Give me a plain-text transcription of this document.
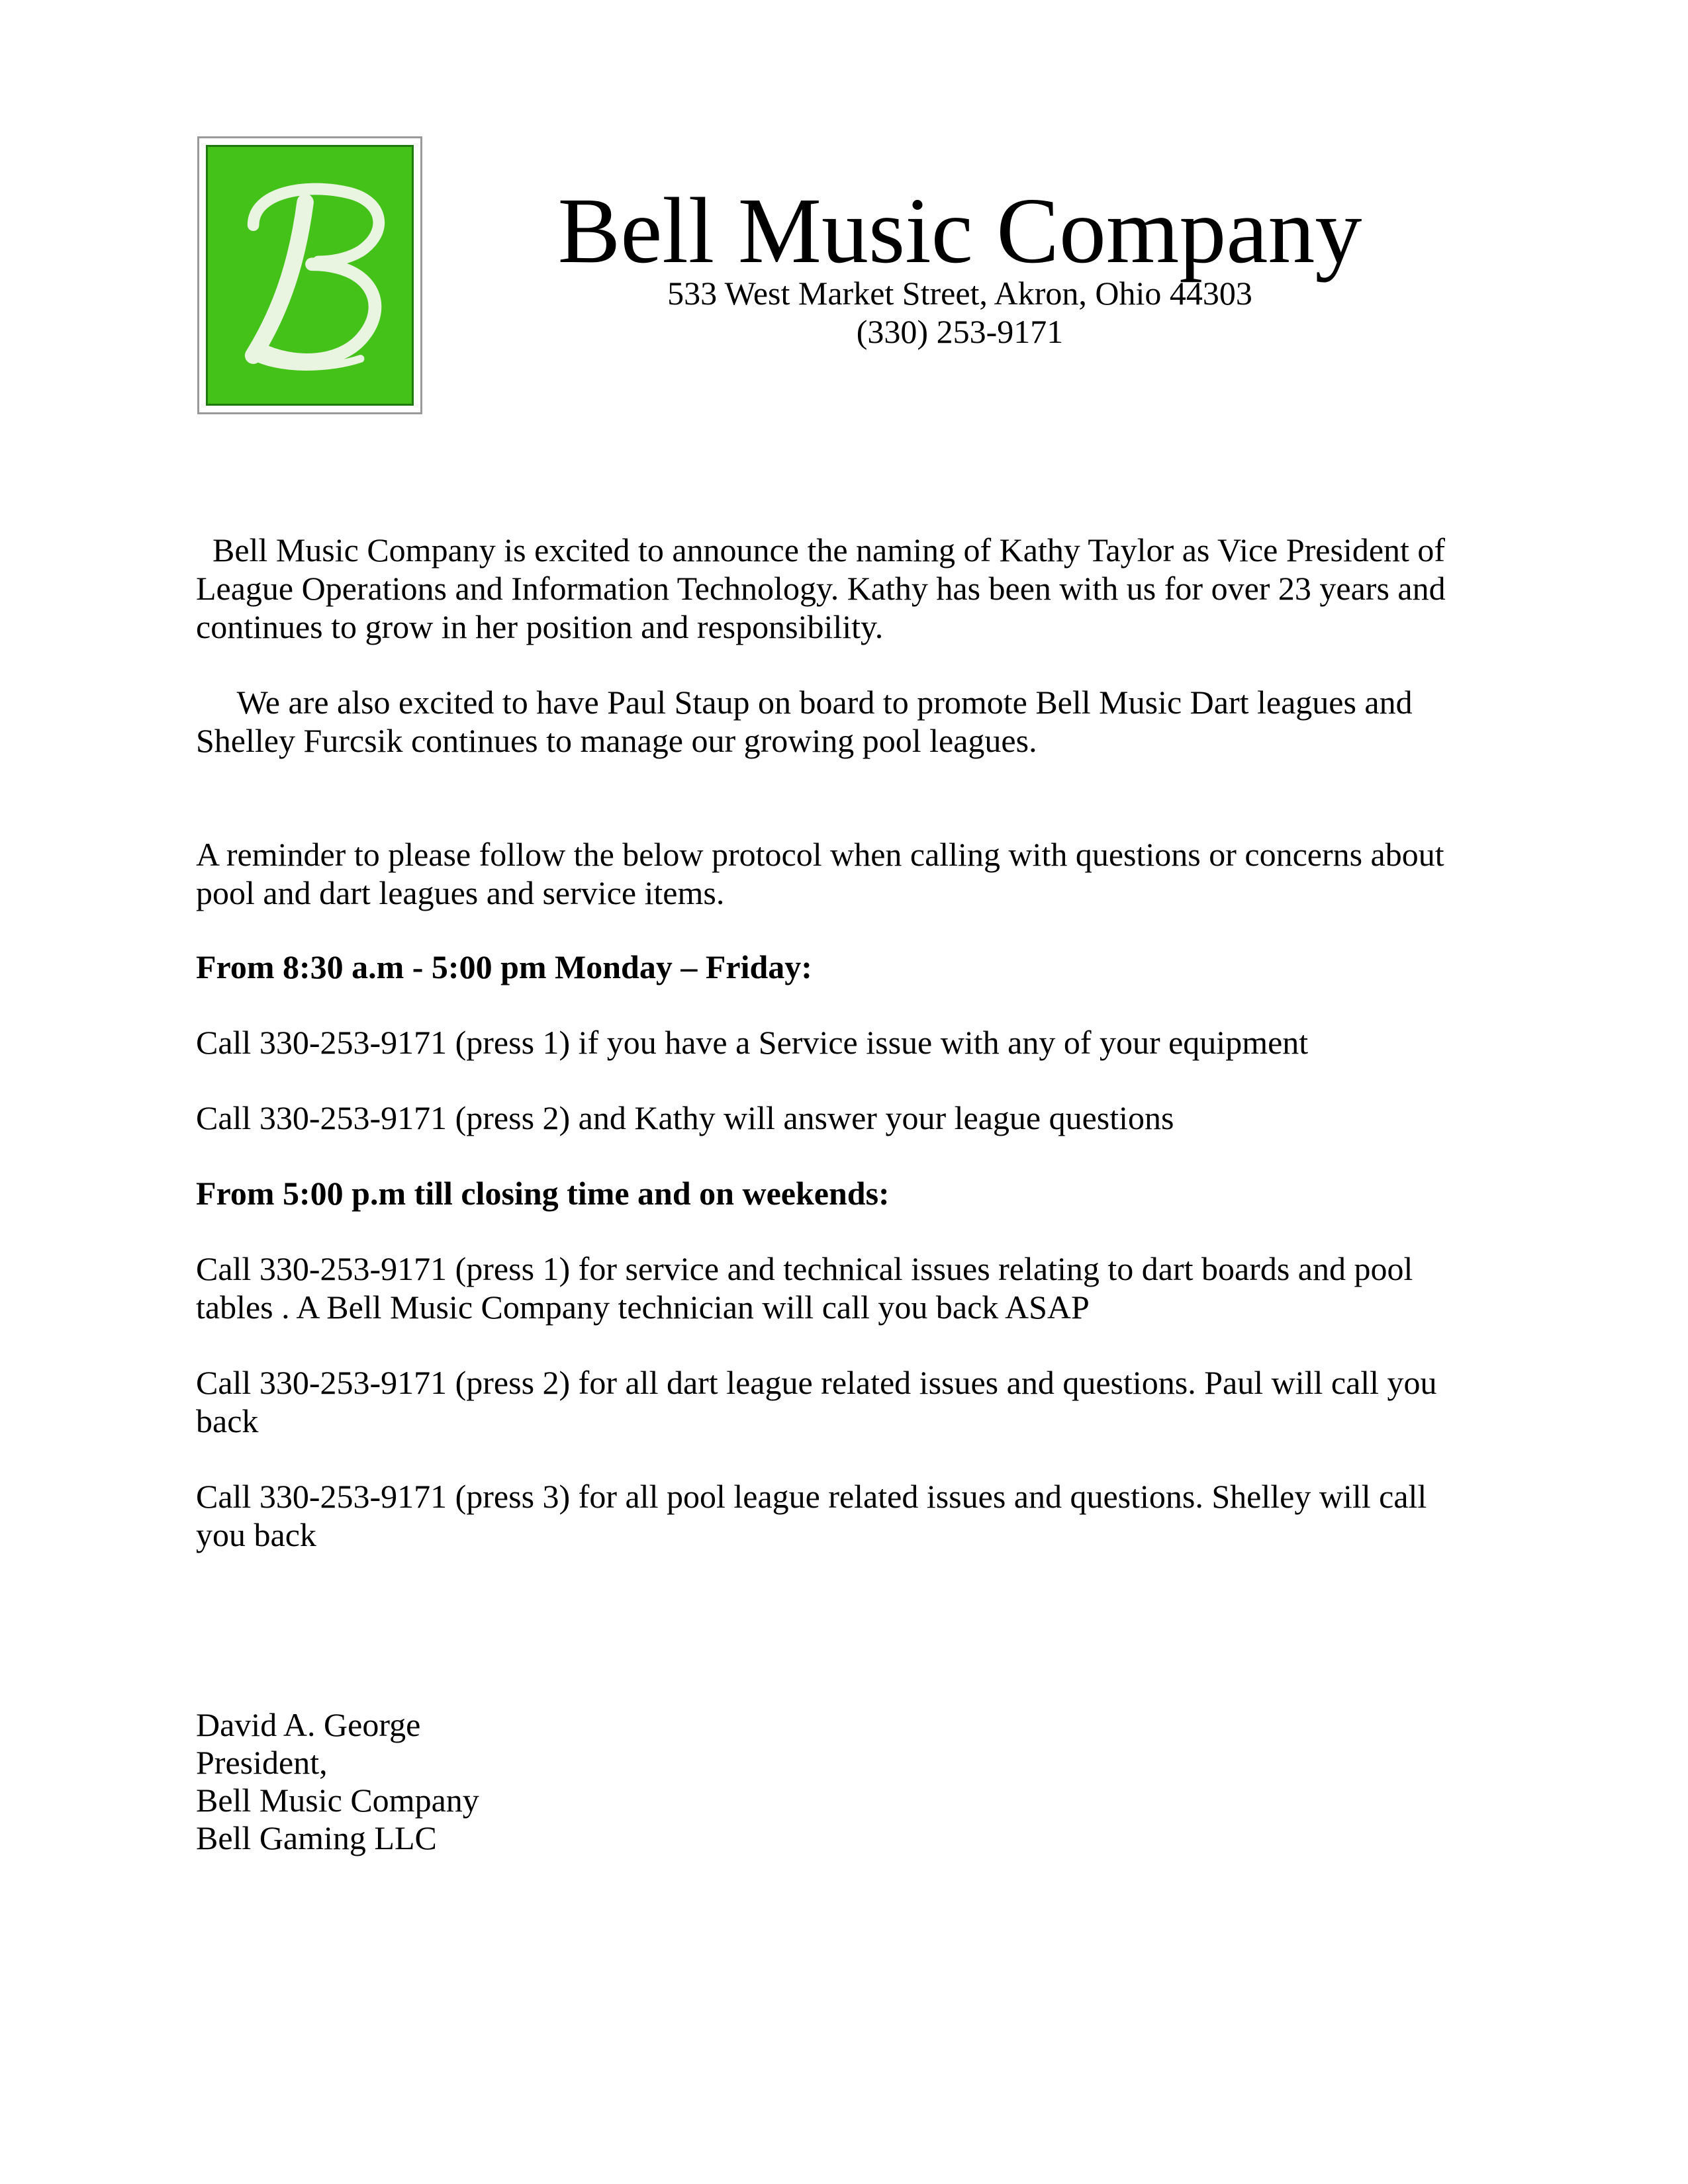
Bell Music Company
533 West Market Street, Akron, Ohio 44303
(330) 253-9171
Bell Music Company is excited to announce the naming of Kathy Taylor as Vice President of
League Operations and Information Technology. Kathy has been with us for over 23 years and
continues to grow in her position and responsibility.
We are also excited to have Paul Staup on board to promote Bell Music Dart leagues and
Shelley Furcsik continues to manage our growing pool leagues.
A reminder to please follow the below protocol when calling with questions or concerns about
pool and dart leagues and service items.
From 8:30 a.m - 5:00 pm Monday – Friday:
Call 330-253-9171 (press 1) if you have a Service issue with any of your equipment
Call 330-253-9171 (press 2) and Kathy will answer your league questions
From 5:00 p.m till closing time and on weekends:
Call 330-253-9171 (press 1) for service and technical issues relating to dart boards and pool
tables . A Bell Music Company technician will call you back ASAP
Call 330-253-9171 (press 2) for all dart league related issues and questions. Paul will call you
back
Call 330-253-9171 (press 3) for all pool league related issues and questions. Shelley will call
you back
David A. George
President,
Bell Music Company
Bell Gaming LLC
